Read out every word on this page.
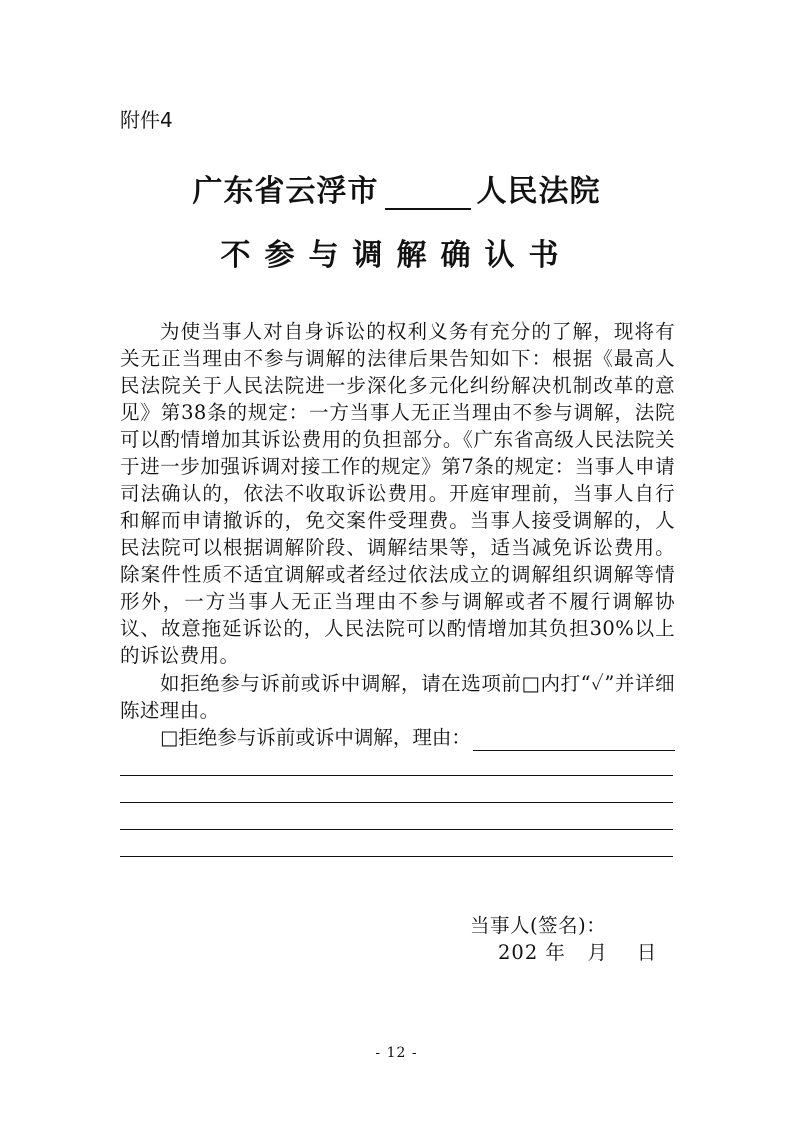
附件4
广东省云浮市	人民法院
不参与调解确认书
为使当事人对自身诉讼的权利义务有充分的了解，现将有关无正当理由不参与调解的法律后果告知如下：根据《最高人民法院关于人民法院进一步深化多元化纠纷解决机制改革的意见》第38条的规定：一方当事人无正当理由不参与调解，法院可以酌情增加其诉讼费用的负担部分。《广东省高级人民法院关于进一步加强诉调对接工作的规定》第7条的规定：当事人申请司法确认的，依法不收取诉讼费用。开庭审理前，当事人自行和解而申请撤诉的，免交案件受理费。当事人接受调解的，人民法院可以根据调解阶段、调解结果等，适当减免诉讼费用。除案件性质不适宜调解或者经过依法成立的调解组织调解等情形外，一方当事人无正当理由不参与调解或者不履行调解协议、故意拖延诉讼的，人民法院可以酌情增加其负担30%以上的诉讼费用。
如拒绝参与诉前或诉中调解，请在选项前□内打“✓”并详细陈述理由。
□拒绝参与诉前或诉中调解，理由：
当事人(签名)：
202 年   月    日
- 12 -
